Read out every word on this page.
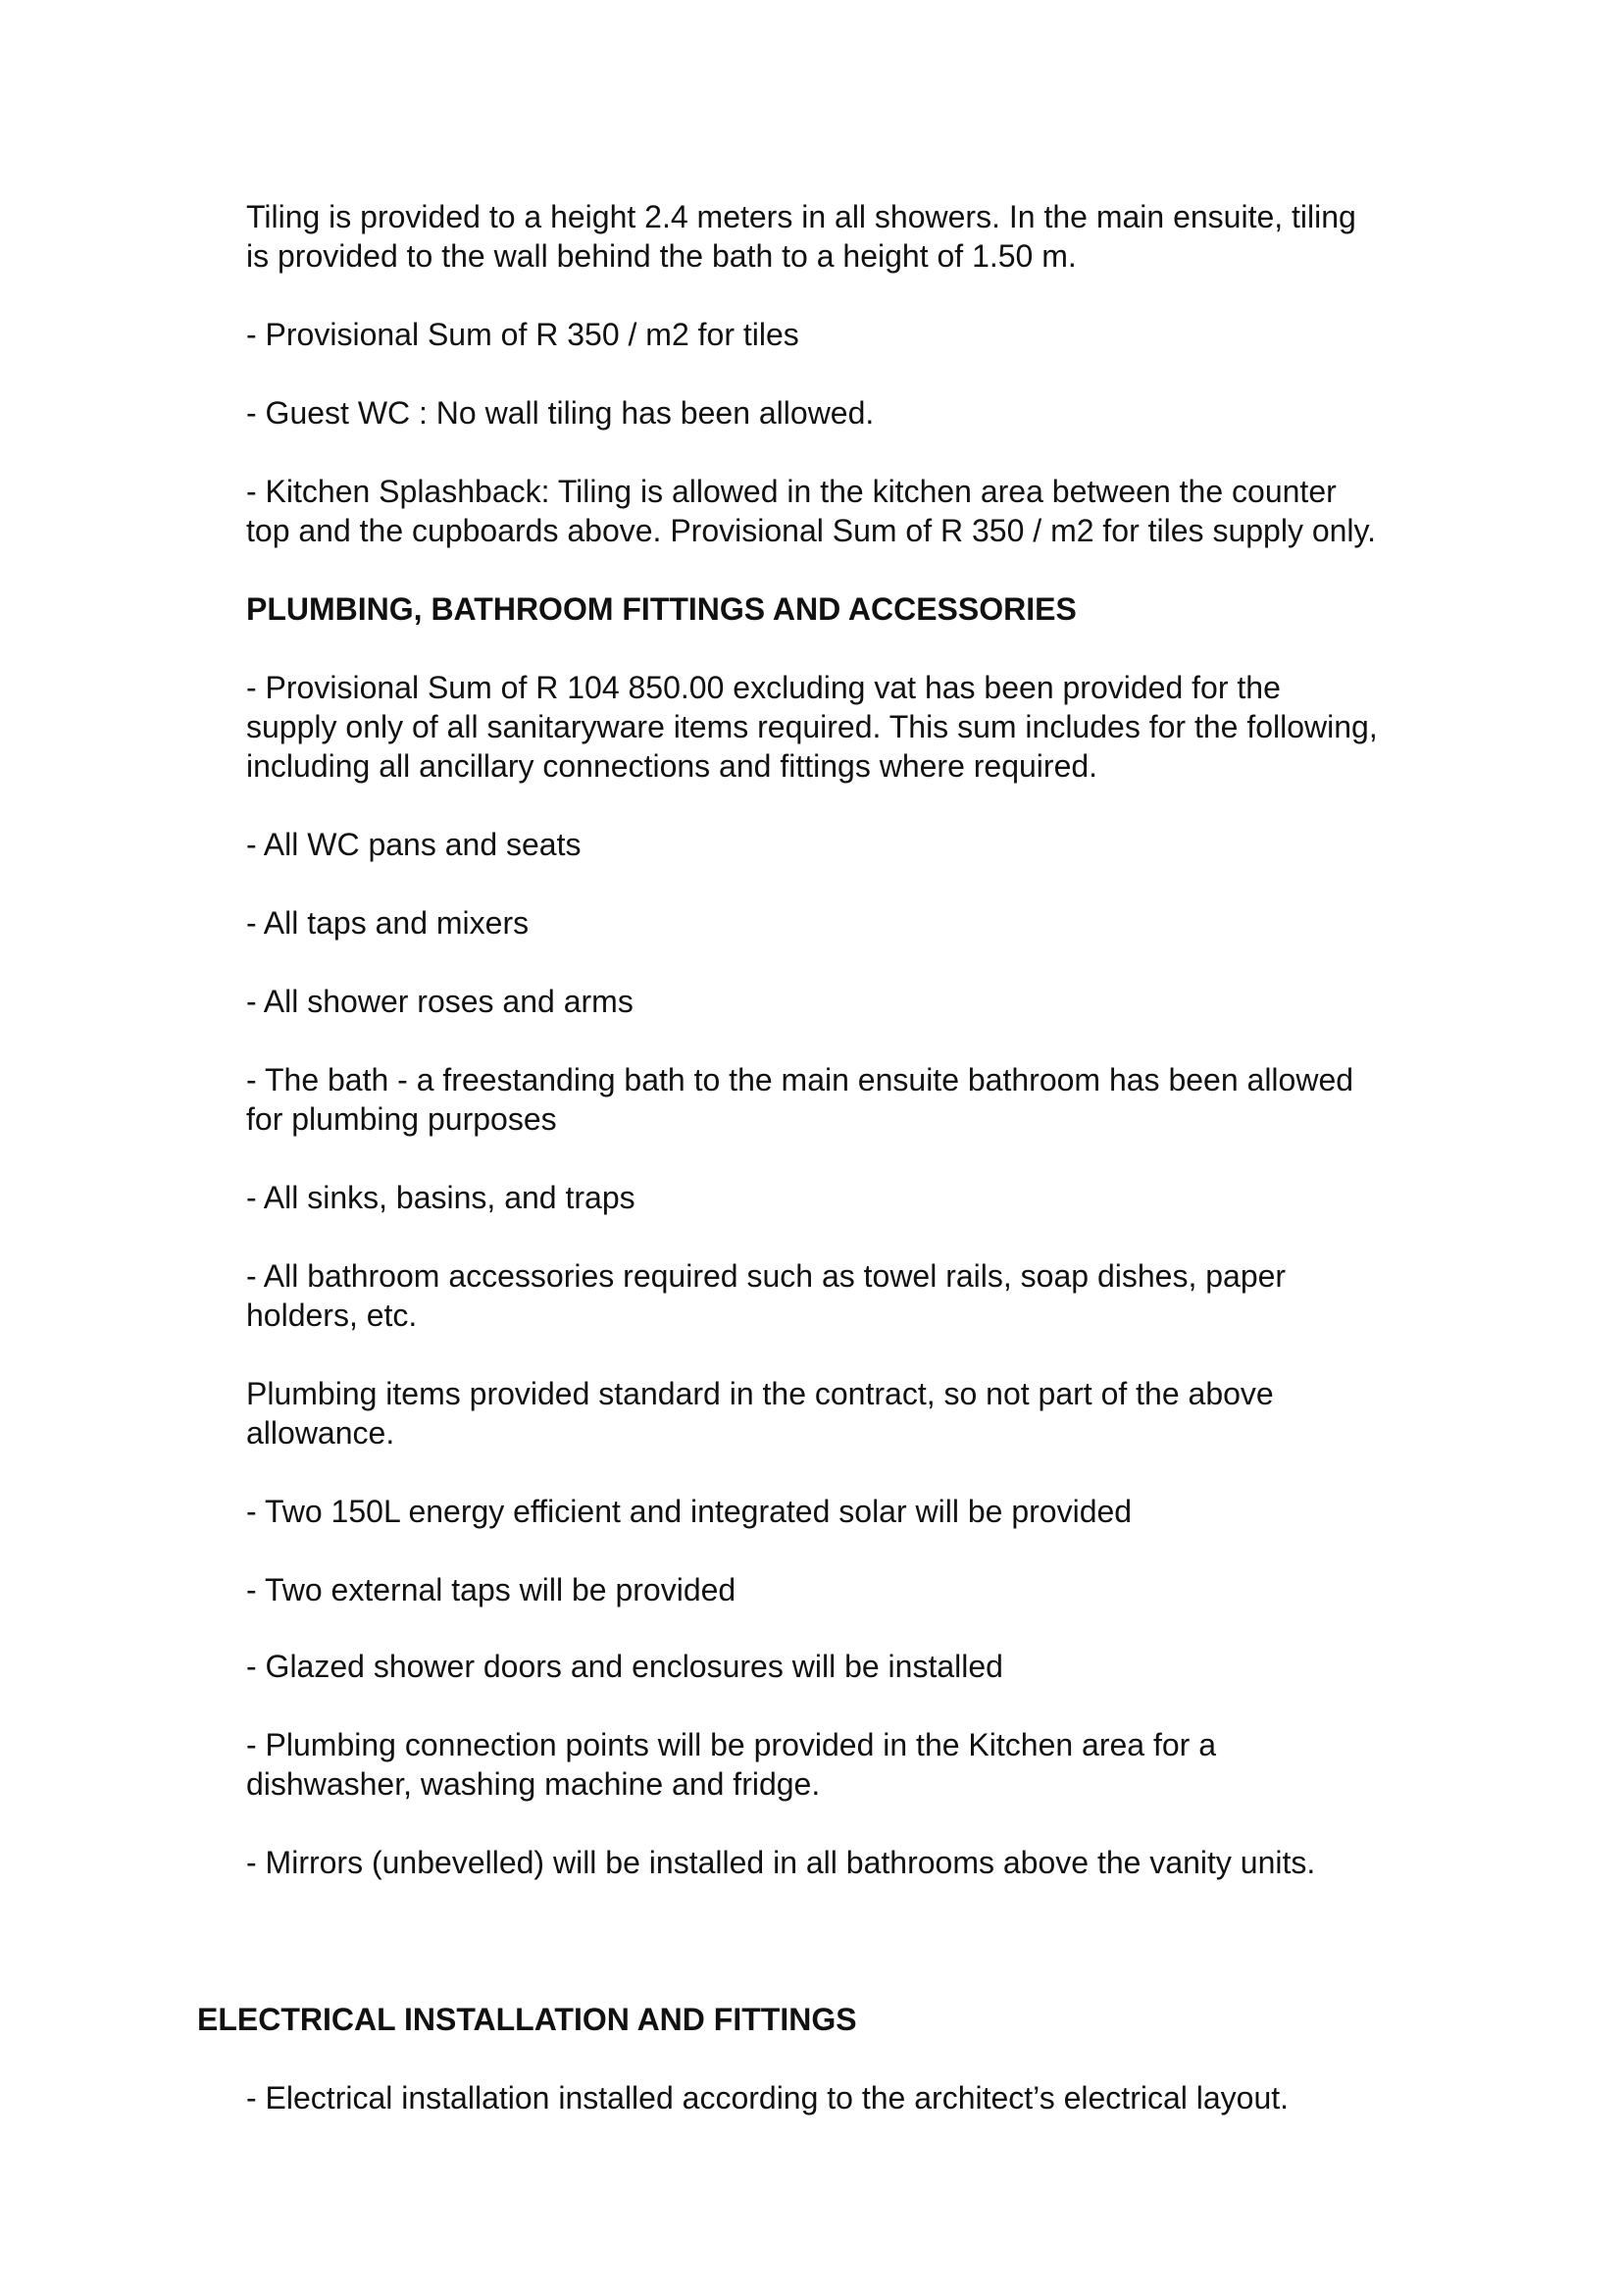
Tiling is provided to a height 2.4 meters in all showers. In the main ensuite, tiling
is provided to the wall behind the bath to a height of 1.50 m.

- Provisional Sum of R 350 / m2 for tiles

- Guest WC : No wall tiling has been allowed.

- Kitchen Splashback: Tiling is allowed in the kitchen area between the counter
top and the cupboards above. Provisional Sum of R 350 / m2 for tiles supply only.

PLUMBING, BATHROOM FITTINGS AND ACCESSORIES

- Provisional Sum of R 104 850.00 excluding vat has been provided for the
supply only of all sanitaryware items required. This sum includes for the following,
including all ancillary connections and fittings where required.

- All WC pans and seats

- All taps and mixers

- All shower roses and arms

- The bath - a freestanding bath to the main ensuite bathroom has been allowed
for plumbing purposes

- All sinks, basins, and traps

- All bathroom accessories required such as towel rails, soap dishes, paper
holders, etc.

Plumbing items provided standard in the contract, so not part of the above
allowance.

- Two 150L energy efficient and integrated solar will be provided

- Two external taps will be provided

- Glazed shower doors and enclosures will be installed

- Plumbing connection points will be provided in the Kitchen area for a
dishwasher, washing machine and fridge.

- Mirrors (unbevelled) will be installed in all bathrooms above the vanity units.

ELECTRICAL INSTALLATION AND FITTINGS

- Electrical installation installed according to the architect’s electrical layout.
